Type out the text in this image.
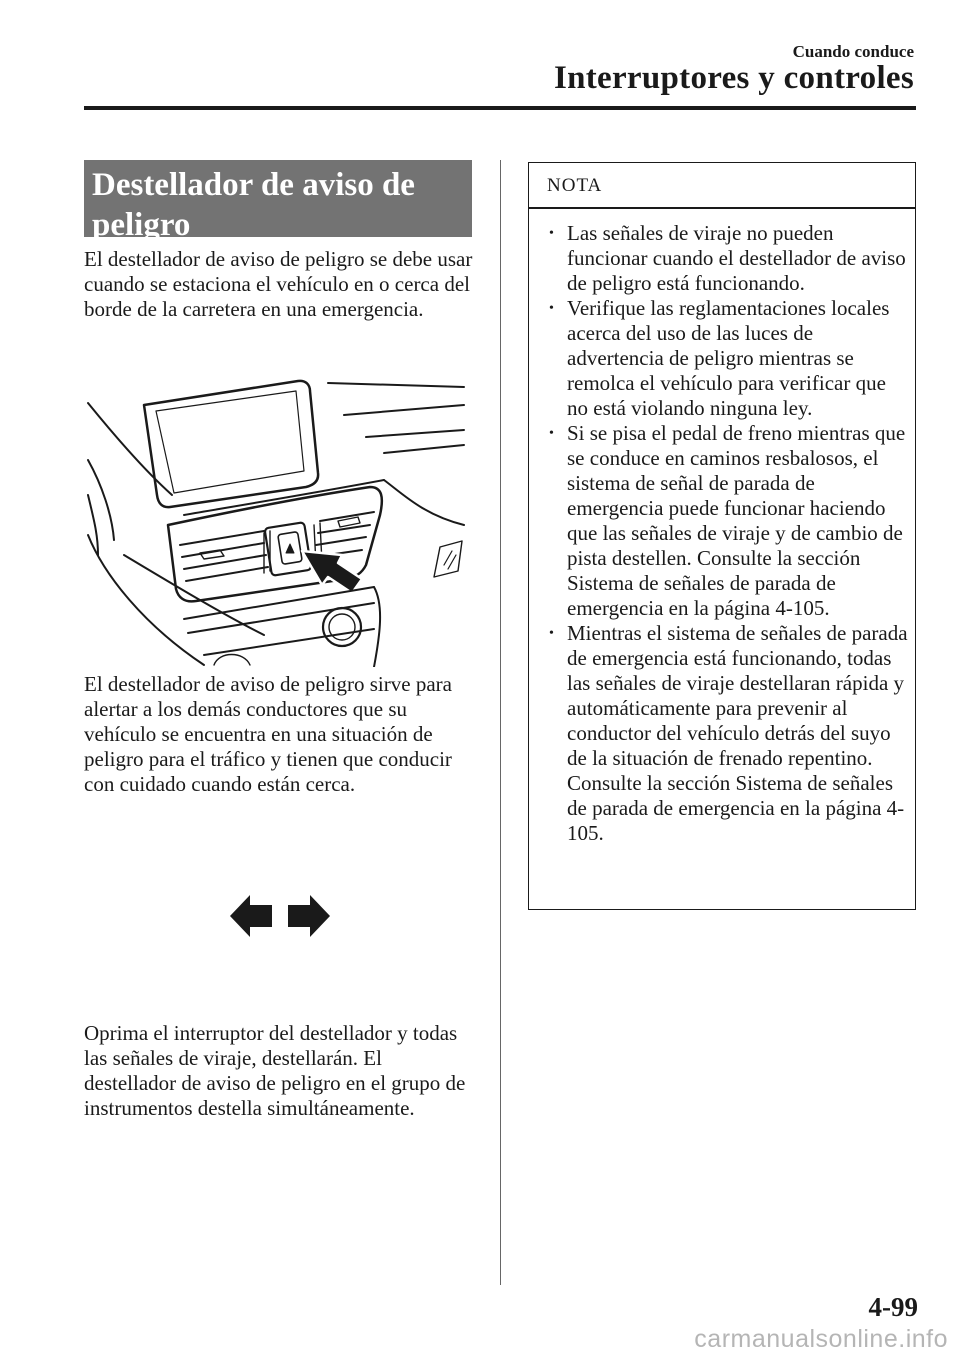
Cuando conduce
Interruptores y controles
Destellador de aviso de
peligro

El destellador de aviso de peligro se debe usar cuando se estaciona el vehículo en o cerca del borde de la carretera en una emergencia.

El destellador de aviso de peligro sirve para alertar a los demás conductores que su vehículo se encuentra en una situación de peligro para el tráfico y tienen que conducir con cuidado cuando están cerca.

Oprima el interruptor del destellador y todas las señales de viraje, destellarán. El destellador de aviso de peligro en el grupo de instrumentos destella simultáneamente.

NOTA
• Las señales de viraje no pueden funcionar cuando el destellador de aviso de peligro está funcionando.
• Verifique las reglamentaciones locales acerca del uso de las luces de advertencia de peligro mientras se remolca el vehículo para verificar que no está violando ninguna ley.
• Si se pisa el pedal de freno mientras que se conduce en caminos resbalosos, el sistema de señal de parada de emergencia puede funcionar haciendo que las señales de viraje y de cambio de pista destellen. Consulte la sección Sistema de señales de parada de emergencia en la página 4-105.
• Mientras el sistema de señales de parada de emergencia está funcionando, todas las señales de viraje destellaran rápida y automáticamente para prevenir al conductor del vehículo detrás del suyo de la situación de frenado repentino. Consulte la sección Sistema de señales de parada de emergencia en la página 4-105.
4-99
carmanualsonline.info
